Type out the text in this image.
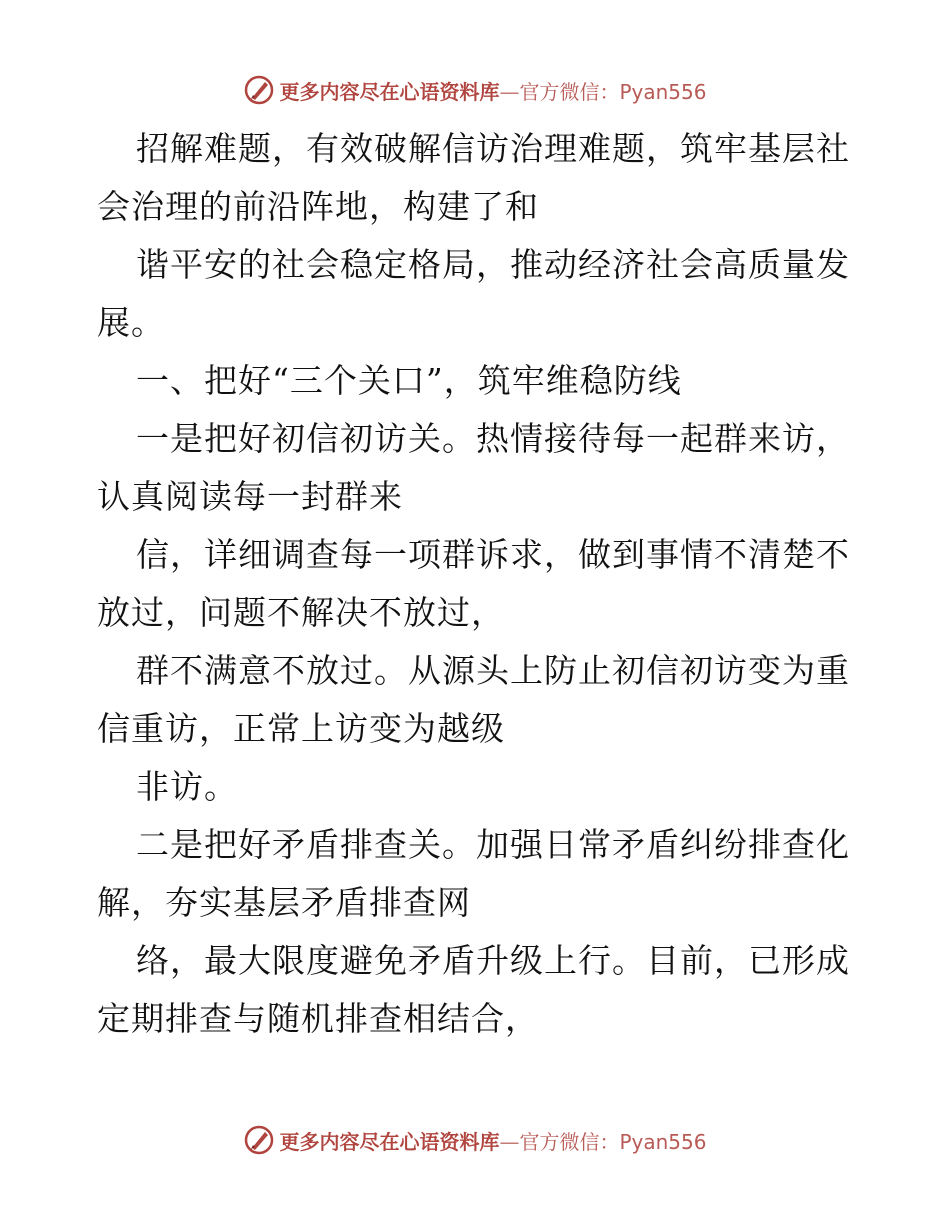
更多内容尽在心语资料库—官方微信：Pyan556
招解难题，有效破解信访治理难题，筑牢基层社
会治理的前沿阵地，构建了和
谐平安的社会稳定格局，推动经济社会高质量发
展。
一、把好“三个关口”，筑牢维稳防线
一是把好初信初访关。热情接待每一起群来访，
认真阅读每一封群来
信，详细调查每一项群诉求，做到事情不清楚不
放过，问题不解决不放过，
群不满意不放过。从源头上防止初信初访变为重
信重访，正常上访变为越级
非访。
二是把好矛盾排查关。加强日常矛盾纠纷排查化
解，夯实基层矛盾排查网
络，最大限度避免矛盾升级上行。目前，已形成
定期排查与随机排查相结合，
更多内容尽在心语资料库—官方微信：Pyan556
